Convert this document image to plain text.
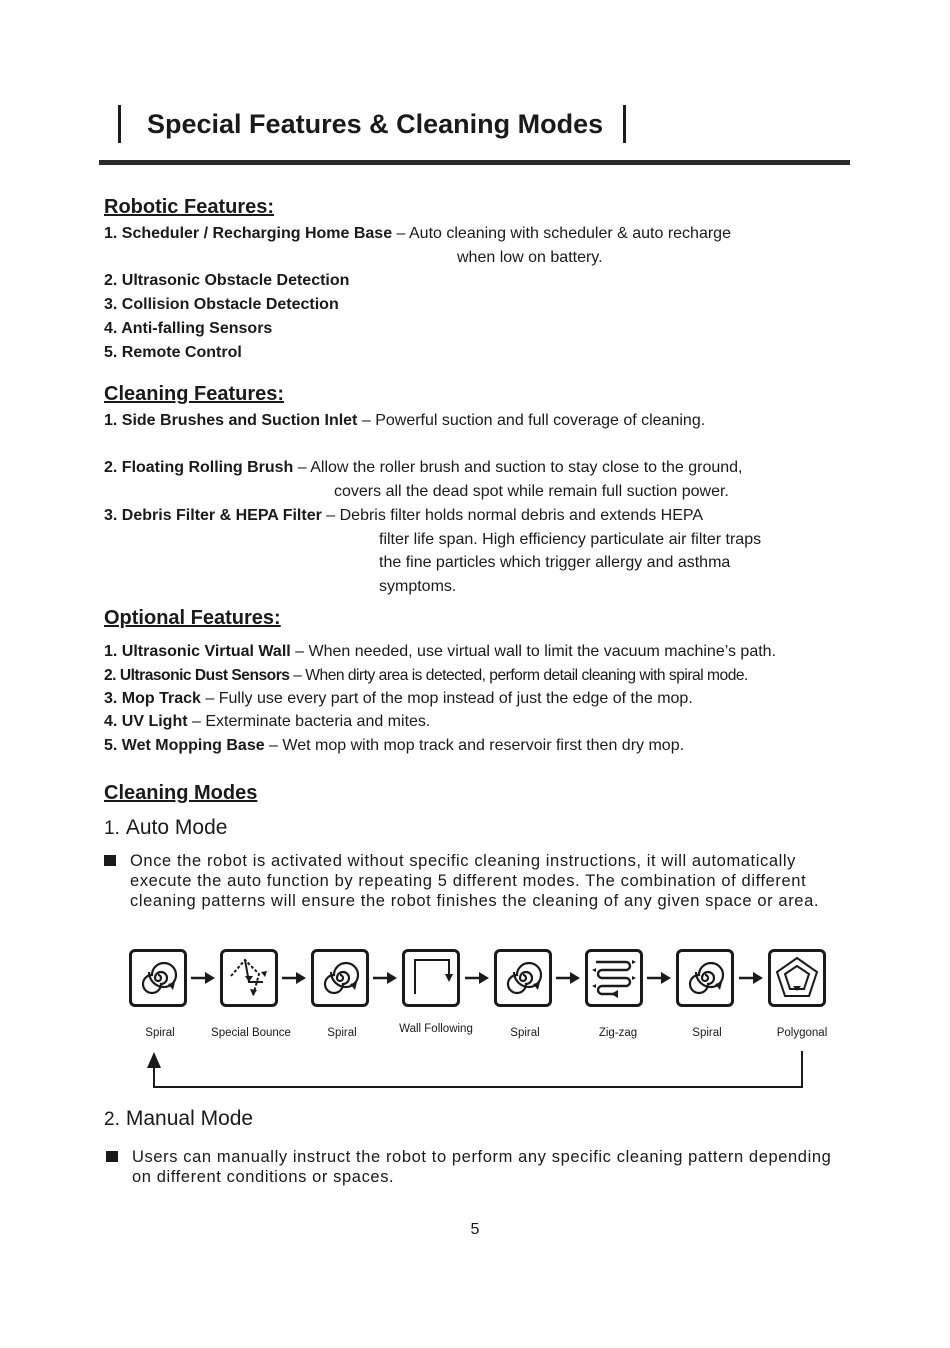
Special Features & Cleaning Modes
Robotic Features:
1. Scheduler / Recharging Home Base – Auto cleaning with scheduler & auto recharge
when low on battery.
2. Ultrasonic Obstacle Detection
3. Collision Obstacle Detection
4. Anti-falling Sensors
5. Remote Control
Cleaning Features:
1. Side Brushes and Suction Inlet – Powerful suction and full coverage of cleaning.
2. Floating Rolling Brush – Allow the roller brush and suction to stay close to the ground,
covers all the dead spot while remain full suction power.
3. Debris Filter & HEPA Filter – Debris filter holds normal debris and extends HEPA
filter life span. High efficiency particulate air filter traps
the fine particles which trigger allergy and asthma
symptoms.
Optional Features:
1. Ultrasonic Virtual Wall – When needed, use virtual wall to limit the vacuum machine’s path.
2. Ultrasonic Dust Sensors – When dirty area is detected, perform detail cleaning with spiral mode.
3. Mop Track – Fully use every part of the mop instead of just the edge of the mop.
4. UV Light – Exterminate bacteria and mites.
5. Wet Mopping Base – Wet mop with mop track and reservoir first then dry mop.
Cleaning Modes
1. Auto Mode
Once the robot is activated without specific cleaning instructions, it will automatically execute the auto function by repeating 5 different modes. The combination of different cleaning patterns will ensure the robot finishes the cleaning of any given space or area.
Spiral	Special Bounce	Spiral	Wall Following	Spiral	Zig-zag	Spiral	Polygonal
2. Manual Mode
Users can manually instruct the robot to perform any specific cleaning pattern depending on different conditions or spaces.
5
